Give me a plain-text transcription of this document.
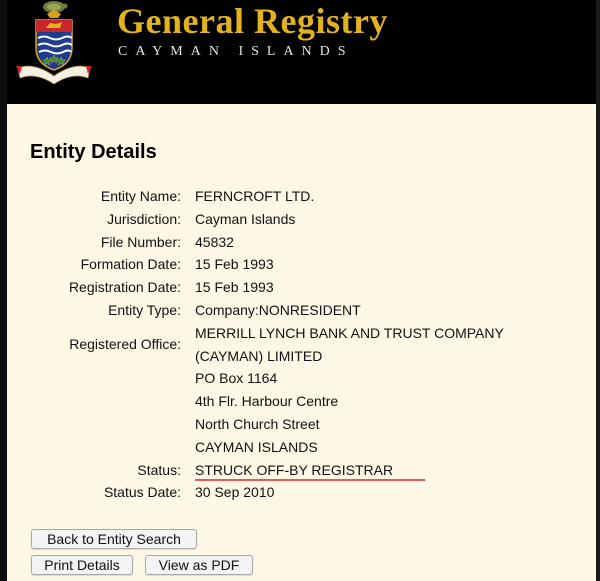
General Registry
CAYMAN ISLANDS
Entity Details
Entity Name: FERNCROFT LTD.
Jurisdiction: Cayman Islands
File Number: 45832
Formation Date: 15 Feb 1993
Registration Date: 15 Feb 1993
Entity Type: Company:NONRESIDENT
Registered Office:
MERRILL LYNCH BANK AND TRUST COMPANY
(CAYMAN) LIMITED
PO Box 1164
4th Flr. Harbour Centre
North Church Street
CAYMAN ISLANDS
Status: STRUCK OFF-BY REGISTRAR
Status Date: 30 Sep 2010
Back to Entity Search
Print Details	View as PDF
